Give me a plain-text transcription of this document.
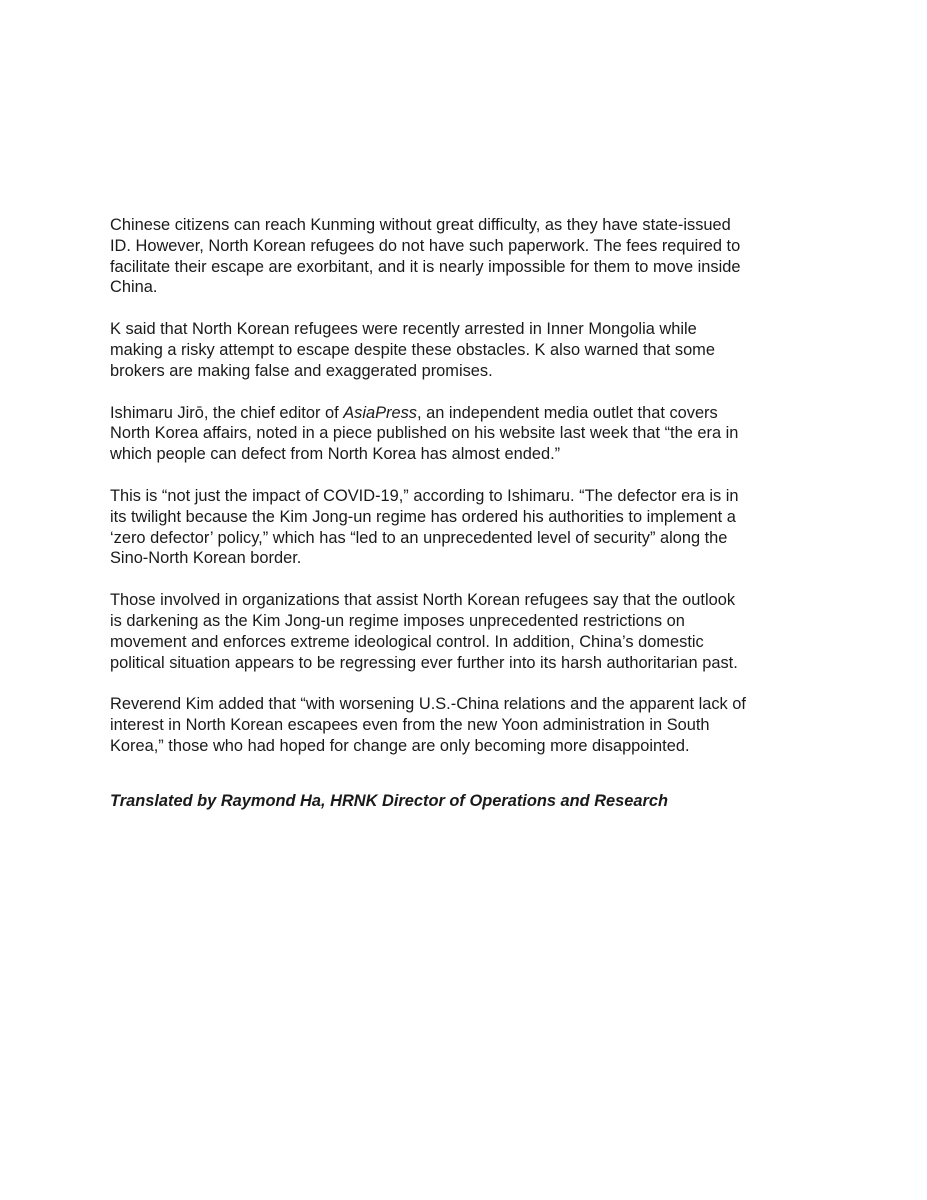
Chinese citizens can reach Kunming without great difficulty, as they have state-issued
ID. However, North Korean refugees do not have such paperwork. The fees required to
facilitate their escape are exorbitant, and it is nearly impossible for them to move inside
China.

K said that North Korean refugees were recently arrested in Inner Mongolia while
making a risky attempt to escape despite these obstacles. K also warned that some
brokers are making false and exaggerated promises.

Ishimaru Jirō, the chief editor of AsiaPress, an independent media outlet that covers
North Korea affairs, noted in a piece published on his website last week that “the era in
which people can defect from North Korea has almost ended.”

This is “not just the impact of COVID-19,” according to Ishimaru. “The defector era is in
its twilight because the Kim Jong-un regime has ordered his authorities to implement a
‘zero defector’ policy,” which has “led to an unprecedented level of security” along the
Sino-North Korean border.

Those involved in organizations that assist North Korean refugees say that the outlook
is darkening as the Kim Jong-un regime imposes unprecedented restrictions on
movement and enforces extreme ideological control. In addition, China’s domestic
political situation appears to be regressing ever further into its harsh authoritarian past.

Reverend Kim added that “with worsening U.S.-China relations and the apparent lack of
interest in North Korean escapees even from the new Yoon administration in South
Korea,” those who had hoped for change are only becoming more disappointed.

Translated by Raymond Ha, HRNK Director of Operations and Research
